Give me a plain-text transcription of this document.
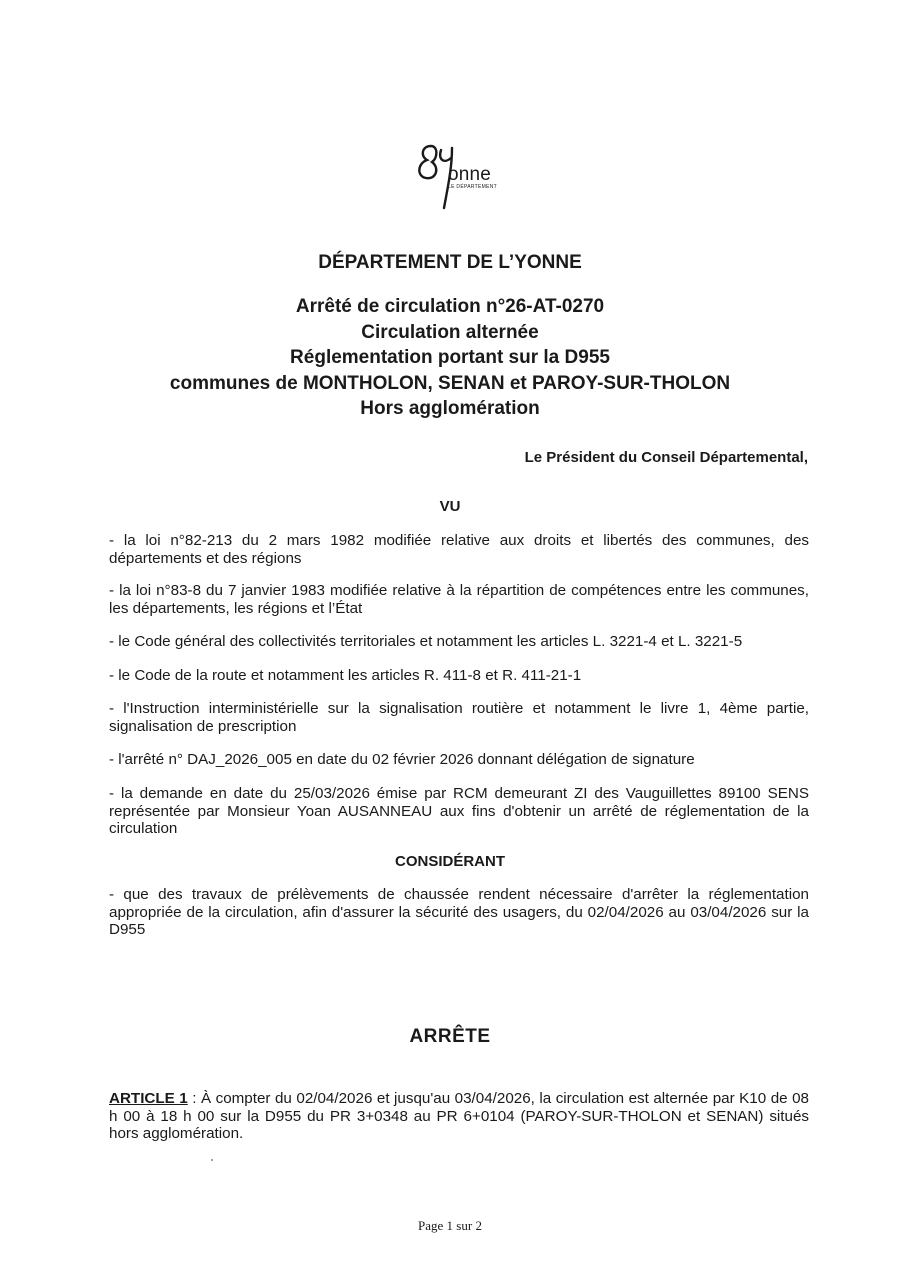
onne
LE DÉPARTEMENT
DÉPARTEMENT DE L’YONNE
Arrêté de circulation n°26-AT-0270
Circulation alternée
Réglementation portant sur la D955
communes de MONTHOLON, SENAN et PAROY-SUR-THOLON
Hors agglomération
Le Président du Conseil Départemental,
VU
- la loi n°82-213 du 2 mars 1982 modifiée relative aux droits et libertés des communes, des départements et des régions
- la loi n°83-8 du 7 janvier 1983 modifiée relative à la répartition de compétences entre les communes, les départements, les régions et l’État
- le Code général des collectivités territoriales et notamment les articles L. 3221-4 et L. 3221-5
- le Code de la route et notamment les articles R. 411-8 et R. 411-21-1
- l'Instruction interministérielle sur la signalisation routière et notamment le livre 1, 4ème partie, signalisation de prescription
- l'arrêté n° DAJ_2026_005 en date du 02 février 2026 donnant délégation de signature
- la demande en date du 25/03/2026 émise par RCM demeurant ZI des Vauguillettes 89100 SENS représentée par Monsieur Yoan AUSANNEAU aux fins d'obtenir un arrêté de réglementation de la circulation
CONSIDÉRANT
- que des travaux de prélèvements de chaussée rendent nécessaire d'arrêter la réglementation appropriée de la circulation, afin d'assurer la sécurité des usagers, du 02/04/2026 au 03/04/2026 sur la D955
ARRÊTE
ARTICLE 1 : À compter du 02/04/2026 et jusqu'au 03/04/2026, la circulation est alternée par K10 de 08 h 00 à 18 h 00 sur la D955 du PR 3+0348 au PR 6+0104 (PAROY-SUR-THOLON et SENAN) situés hors agglomération.
Page 1 sur 2
